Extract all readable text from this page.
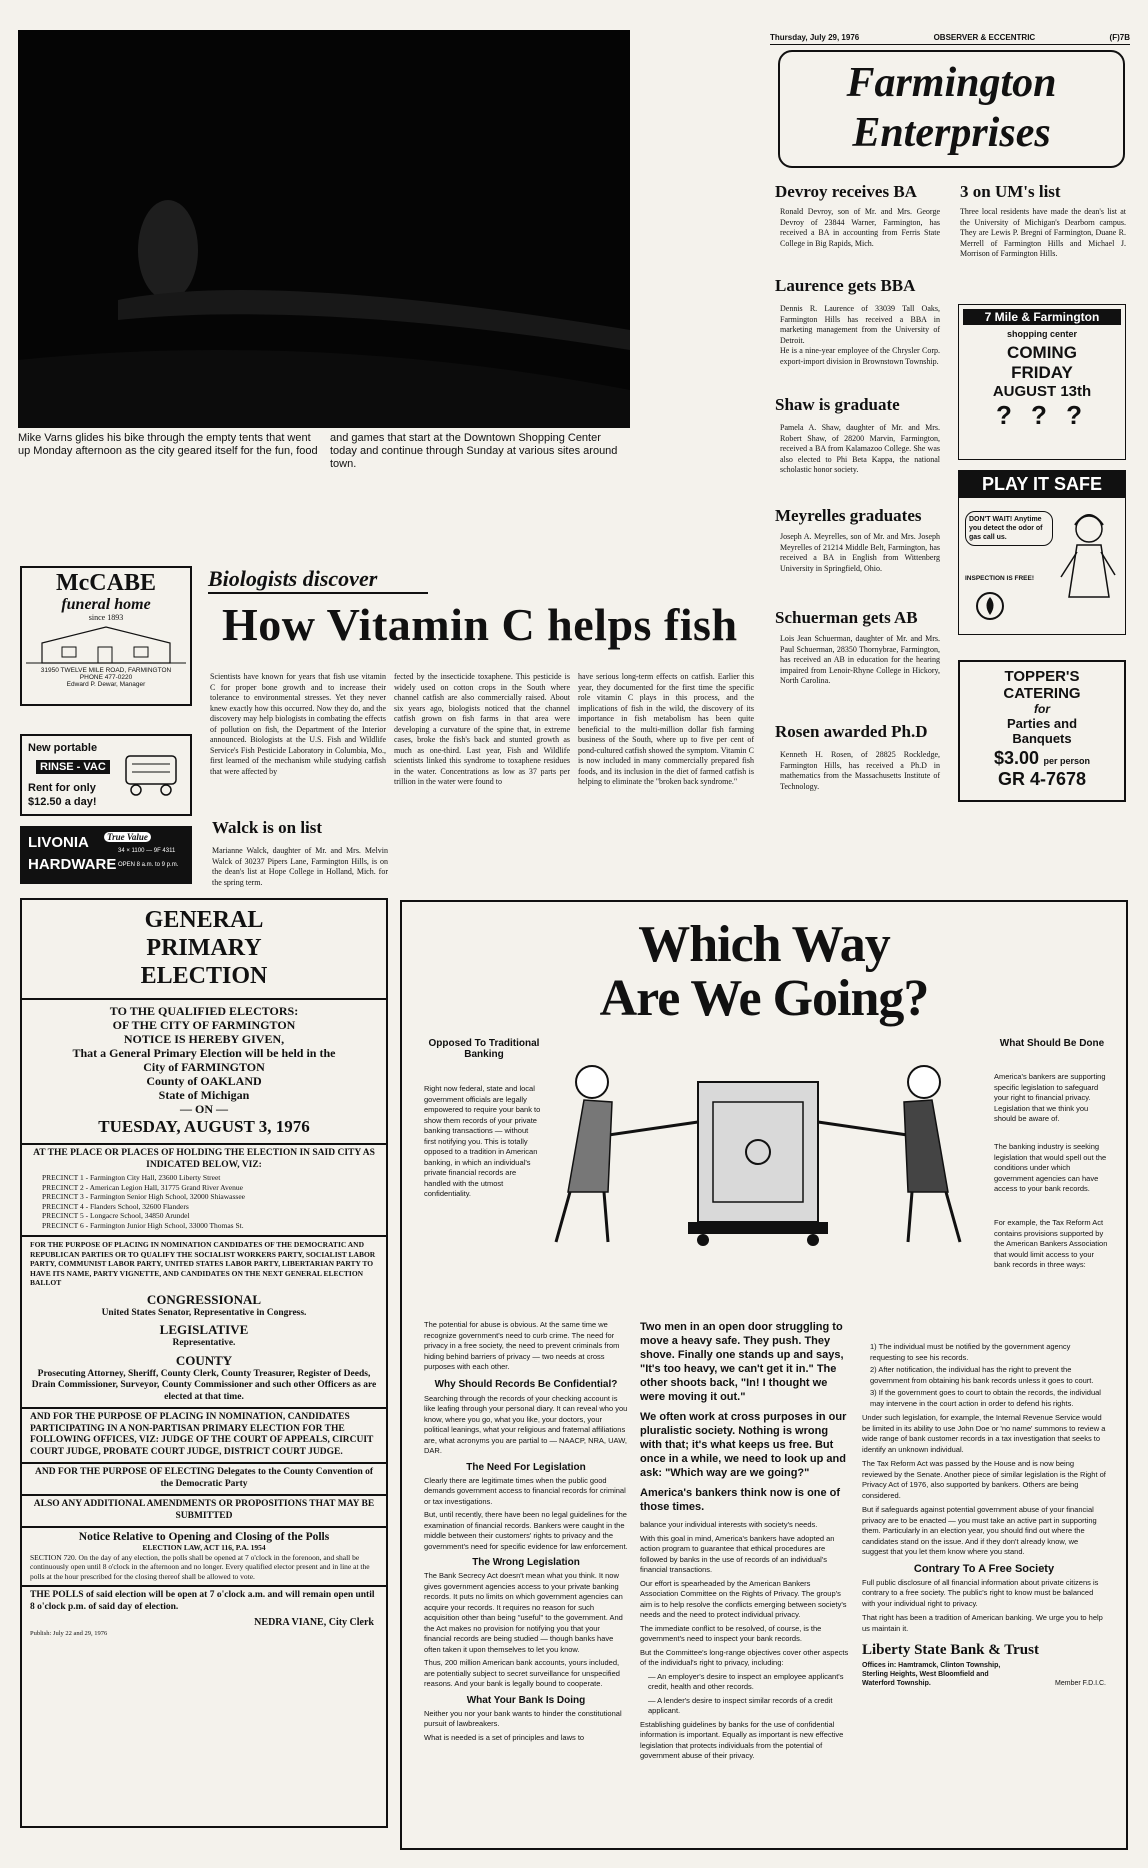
Thursday, July 29, 1976	OBSERVER & ECCENTRIC	(F)7B
Farmington
Enterprises
Mike Varns glides his bike through the empty tents that went up Monday afternoon as the city geared itself for the fun, food
and games that start at the Downtown Shopping Center today and continue through Sunday at various sites around town.
Devroy receives BA
Ronald Devroy, son of Mr. and Mrs. George Devroy of 23844 Warner, Farmington, has received a BA in accounting from Ferris State College in Big Rapids, Mich.
3 on UM's list
Three local residents have made the dean's list at the University of Michigan's Dearborn campus. They are Lewis P. Bregni of Farmington, Duane R. Merrell of Farmington Hills and Michael J. Morrison of Farmington Hills.
Laurence gets BBA
Dennis R. Laurence of 33039 Tall Oaks, Farmington Hills has received a BBA in marketing management from the University of Detroit.
He is a nine-year employee of the Chrysler Corp. export-import division in Brownstown Township.
Shaw is graduate
Pamela A. Shaw, daughter of Mr. and Mrs. Robert Shaw, of 28200 Marvin, Farmington, received a BA from Kalamazoo College. She was also elected to Phi Beta Kappa, the national scholastic honor society.
Meyrelles graduates
Joseph A. Meyrelles, son of Mr. and Mrs. Joseph Meyrelles of 21214 Middle Belt, Farmington, has received a BA in English from Wittenberg University in Springfield, Ohio.
Schuerman gets AB
Lois Jean Schuerman, daughter of Mr. and Mrs. Paul Schuerman, 28350 Thornybrae, Farmington, has received an AB in education for the hearing impaired from Lenoir-Rhyne College in Hickory, North Carolina.
Rosen awarded Ph.D
Kenneth H. Rosen, of 28825 Rockledge, Farmington Hills, has received a Ph.D in mathematics from the Massachusetts Institute of Technology.
7 Mile & Farmington
shopping center
COMING
FRIDAY
AUGUST 13th
? ? ?
PLAY IT SAFE
DON'T WAIT! Anytime you detect the odor of gas call us.
INSPECTION IS FREE!
TOPPER'S
CATERING
for
Parties and
Banquets
$3.00 per person
GR 4-7678
McCABE
funeral home
since 1893
31950 TWELVE MILE ROAD, FARMINGTON
PHONE 477-0220
Edward P. Dewar, Manager
New portable
RINSE - VAC
Rent for only
$12.50 a day!
LIVONIA
HARDWARE
True Value
34 × 1100 — 9F 4311
OPEN 8 a.m. to 9 p.m.
Biologists discover
How Vitamin C helps fish
Scientists have known for years that fish use vitamin C for proper bone growth and to increase their tolerance to environmental stresses. Yet they never knew exactly how this occurred. Now they do, and the discovery may help biologists in combating the effects of pollution on fish, the Department of the Interior announced. Biologists at the U.S. Fish and Wildlife Service's Fish Pesticide Laboratory in Columbia, Mo., first learned of the mechanism while studying catfish that were affected by
fected by the insecticide toxaphene. This pesticide is widely used on cotton crops in the South where channel catfish are also commercially raised. About six years ago, biologists noticed that the channel catfish grown on fish farms in that area were developing a curvature of the spine that, in extreme cases, broke the fish's back and stunted growth as much as one-third. Last year, Fish and Wildlife scientists linked this syndrome to toxaphene residues in the water. Concentrations as low as 37 parts per trillion in the water were found to
have serious long-term effects on catfish. Earlier this year, they documented for the first time the specific role vitamin C plays in this process, and the implications of fish in the wild, the discovery of its importance in fish metabolism has been quite beneficial to the multi-million dollar fish farming business of the South, where up to five per cent of pond-cultured catfish showed the symptom. Vitamin C is now included in many commercially prepared fish foods, and its inclusion in the diet of farmed catfish is helping to eliminate the "broken back syndrome."
Walck is on list
Marianne Walck, daughter of Mr. and Mrs. Melvin Walck of 30237 Pipers Lane, Farmington Hills, is on the dean's list at Hope College in Holland, Mich. for the spring term.
GENERAL
PRIMARY
ELECTION
TO THE QUALIFIED ELECTORS:
OF THE CITY OF FARMINGTON
NOTICE IS HEREBY GIVEN,
That a General Primary Election will be held in the
City of FARMINGTON
County of OAKLAND
State of Michigan
— ON —
TUESDAY, AUGUST 3, 1976
AT THE PLACE OR PLACES OF HOLDING THE ELECTION IN SAID CITY AS INDICATED BELOW, VIZ:
PRECINCT 1 - Farmington City Hall, 23600 Liberty Street
PRECINCT 2 - American Legion Hall, 31775 Grand River Avenue
PRECINCT 3 - Farmington Senior High School, 32000 Shiawassee
PRECINCT 4 - Flanders School, 32600 Flanders
PRECINCT 5 - Longacre School, 34850 Arundel
PRECINCT 6 - Farmington Junior High School, 33000 Thomas St.
FOR THE PURPOSE OF PLACING IN NOMINATION CANDIDATES OF THE DEMOCRATIC AND REPUBLICAN PARTIES OR TO QUALIFY THE SOCIALIST WORKERS PARTY, SOCIALIST LABOR PARTY, COMMUNIST LABOR PARTY, UNITED STATES LABOR PARTY, LIBERTARIAN PARTY TO HAVE ITS NAME, PARTY VIGNETTE, AND CANDIDATES ON THE NEXT GENERAL ELECTION BALLOT
CONGRESSIONAL
United States Senator, Representative in Congress.
LEGISLATIVE
Representative.
COUNTY
Prosecuting Attorney, Sheriff, County Clerk, County Treasurer, Register of Deeds, Drain Commissioner, Surveyor, County Commissioner and such other Officers as are elected at that time.
AND FOR THE PURPOSE OF PLACING IN NOMINATION, CANDIDATES PARTICIPATING IN A NON-PARTISAN PRIMARY ELECTION FOR THE FOLLOWING OFFICES, VIZ: JUDGE OF THE COURT OF APPEALS, CIRCUIT COURT JUDGE, PROBATE COURT JUDGE, DISTRICT COURT JUDGE.
AND FOR THE PURPOSE OF ELECTING Delegates to the County Convention of the Democratic Party
ALSO ANY ADDITIONAL AMENDMENTS OR PROPOSITIONS THAT MAY BE SUBMITTED
Notice Relative to Opening and Closing of the Polls
ELECTION LAW, ACT 116, P.A. 1954
SECTION 720. On the day of any election, the polls shall be opened at 7 o'clock in the forenoon, and shall be continuously open until 8 o'clock in the afternoon and no longer. Every qualified elector present and in line at the polls at the hour prescribed for the closing thereof shall be allowed to vote.
THE POLLS of said election will be open at 7 o'clock a.m. and will remain open until 8 o'clock p.m. of said day of election.
NEDRA VIANE, City Clerk
Publish: July 22 and 29, 1976
Which Way
Are We Going?
Opposed To Traditional Banking
Right now federal, state and local government officials are legally empowered to require your bank to show them records of your private banking transactions — without first notifying you. This is totally opposed to a tradition in American banking, in which an individual's private financial records are handled with the utmost confidentiality.
What Should Be Done
America's bankers are supporting specific legislation to safeguard your right to financial privacy. Legislation that we think you should be aware of.
The banking industry is seeking legislation that would spell out the conditions under which government agencies can have access to your bank records.
For example, the Tax Reform Act contains provisions supported by the American Bankers Association that would limit access to your bank records in three ways:
The potential for abuse is obvious. At the same time we recognize government's need to curb crime. The need for privacy in a free society, the need to prevent criminals from hiding behind barriers of privacy — two needs at cross purposes with each other.
Why Should Records Be Confidential?
Searching through the records of your checking account is like leafing through your personal diary. It can reveal who you know, where you go, what you like, your doctors, your political leanings, what your religious and fraternal affiliations are, what acronyms you are partial to — NAACP, NRA, UAW, DAR.
The Need For Legislation
Clearly there are legitimate times when the public good demands government access to financial records for criminal or tax investigations.
But, until recently, there have been no legal guidelines for the examination of financial records. Bankers were caught in the middle between their customers' rights to privacy and the government's need for specific evidence for law enforcement.
The Wrong Legislation
The Bank Secrecy Act doesn't mean what you think. It now gives government agencies access to your private banking records. It puts no limits on which government agencies can acquire your records. It requires no reason for such acquisition other than being "useful" to the government. And the Act makes no provision for notifying you that your financial records are being studied — though banks have often taken it upon themselves to let you know.
Thus, 200 million American bank accounts, yours included, are potentially subject to secret surveillance for unspecified reasons. And your bank is legally bound to cooperate.
What Your Bank Is Doing
Neither you nor your bank wants to hinder the constitutional pursuit of lawbreakers.
What is needed is a set of principles and laws to
Two men in an open door struggling to move a heavy safe. They push. They shove. Finally one stands up and says, "It's too heavy, we can't get it in." The other shoots back, "In! I thought we were moving it out."
We often work at cross purposes in our pluralistic society. Nothing is wrong with that; it's what keeps us free. But once in a while, we need to look up and ask: "Which way are we going?"
America's bankers think now is one of those times.
balance your individual interests with society's needs.
With this goal in mind, America's bankers have adopted an action program to guarantee that ethical procedures are followed by banks in the use of records of an individual's financial transactions.
Our effort is spearheaded by the American Bankers Association Committee on the Rights of Privacy. The group's aim is to help resolve the conflicts emerging between society's needs and the need to protect individual privacy.
The immediate conflict to be resolved, of course, is the government's need to inspect your bank records.
But the Committee's long-range objectives cover other aspects of the individual's right to privacy, including:
— An employer's desire to inspect an employee applicant's credit, health and other records.
— A lender's desire to inspect similar records of a credit applicant.
Establishing guidelines by banks for the use of confidential information is important. Equally as important is new effective legislation that protects individuals from the potential of government abuse of their privacy.
1) The individual must be notified by the government agency requesting to see his records.
2) After notification, the individual has the right to prevent the government from obtaining his bank records unless it goes to court.
3) If the government goes to court to obtain the records, the individual may intervene in the court action in order to defend his rights.
Under such legislation, for example, the Internal Revenue Service would be limited in its ability to use John Doe or 'no name' summons to review a wide range of bank customer records in a tax investigation that seeks to identify an unknown individual.
The Tax Reform Act was passed by the House and is now being reviewed by the Senate. Another piece of similar legislation is the Right of Privacy Act of 1976, also supported by bankers. Others are being considered.
But if safeguards against potential government abuse of your financial privacy are to be enacted — you must take an active part in supporting them. Particularly in an election year, you should find out where the candidates stand on the issue. And if they don't already know, we suggest that you let them know where you stand.
Contrary To A Free Society
Full public disclosure of all financial information about private citizens is contrary to a free society. The public's right to know must be balanced with your individual right to privacy.
That right has been a tradition of American banking. We urge you to help us maintain it.
Liberty State Bank & Trust
Offices in: Hamtramck, Clinton Township, Sterling Heights, West Bloomfield and Waterford Township.	Member F.D.I.C.
